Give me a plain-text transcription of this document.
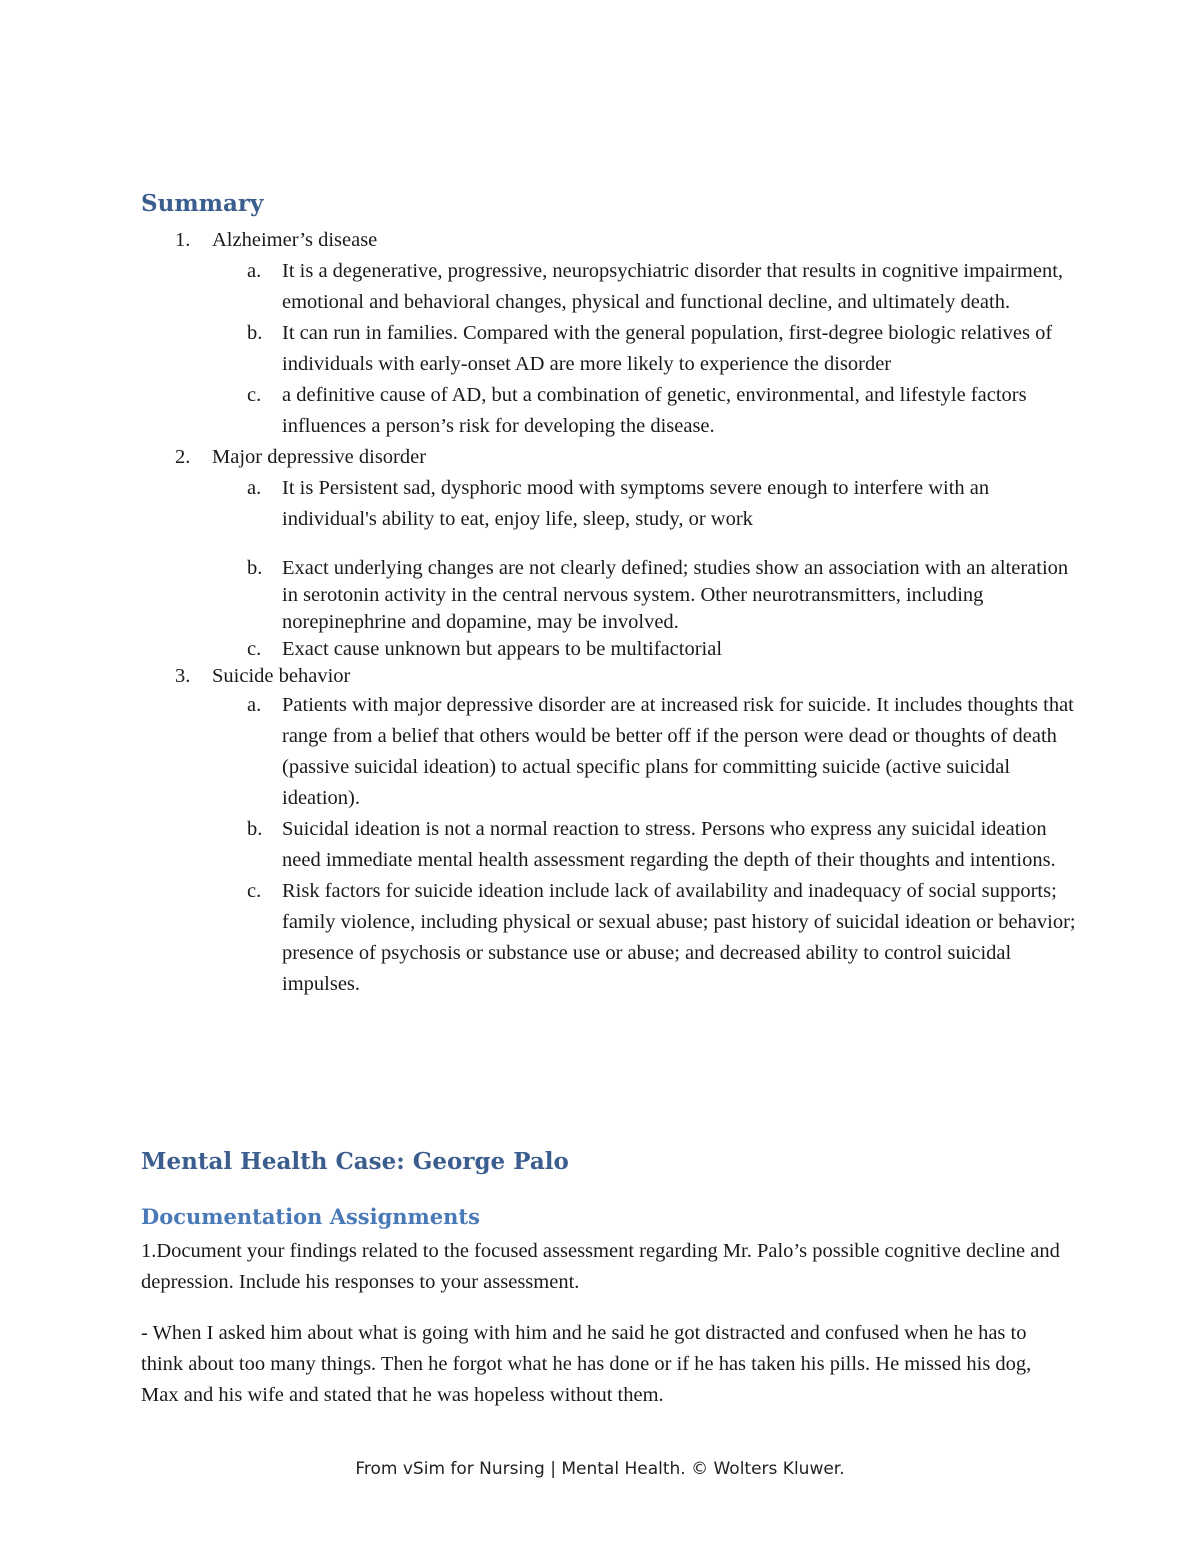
Summary
1. Alzheimer’s disease
a. It is a degenerative, progressive, neuropsychiatric disorder that results in cognitive impairment, emotional and behavioral changes, physical and functional decline, and ultimately death.
b. It can run in families. Compared with the general population, first-degree biologic relatives of individuals with early-onset AD are more likely to experience the disorder
c. a definitive cause of AD, but a combination of genetic, environmental, and lifestyle factors influences a person’s risk for developing the disease.
2. Major depressive disorder
a. It is Persistent sad, dysphoric mood with symptoms severe enough to interfere with an individual's ability to eat, enjoy life, sleep, study, or work
b. Exact underlying changes are not clearly defined; studies show an association with an alteration in serotonin activity in the central nervous system. Other neurotransmitters, including norepinephrine and dopamine, may be involved.
c. Exact cause unknown but appears to be multifactorial
3. Suicide behavior
a. Patients with major depressive disorder are at increased risk for suicide. It includes thoughts that range from a belief that others would be better off if the person were dead or thoughts of death (passive suicidal ideation) to actual specific plans for committing suicide (active suicidal ideation).
b. Suicidal ideation is not a normal reaction to stress. Persons who express any suicidal ideation need immediate mental health assessment regarding the depth of their thoughts and intentions.
c. Risk factors for suicide ideation include lack of availability and inadequacy of social supports; family violence, including physical or sexual abuse; past history of suicidal ideation or behavior; presence of psychosis or substance use or abuse; and decreased ability to control suicidal impulses.
Mental Health Case: George Palo
Documentation Assignments

1.Document your findings related to the focused assessment regarding Mr. Palo’s possible cognitive decline and depression. Include his responses to your assessment.

- When I asked him about what is going with him and he said he got distracted and confused when he has to think about too many things. Then he forgot what he has done or if he has taken his pills. He missed his dog, Max and his wife and stated that he was hopeless without them.

From vSim for Nursing | Mental Health. © Wolters Kluwer.
